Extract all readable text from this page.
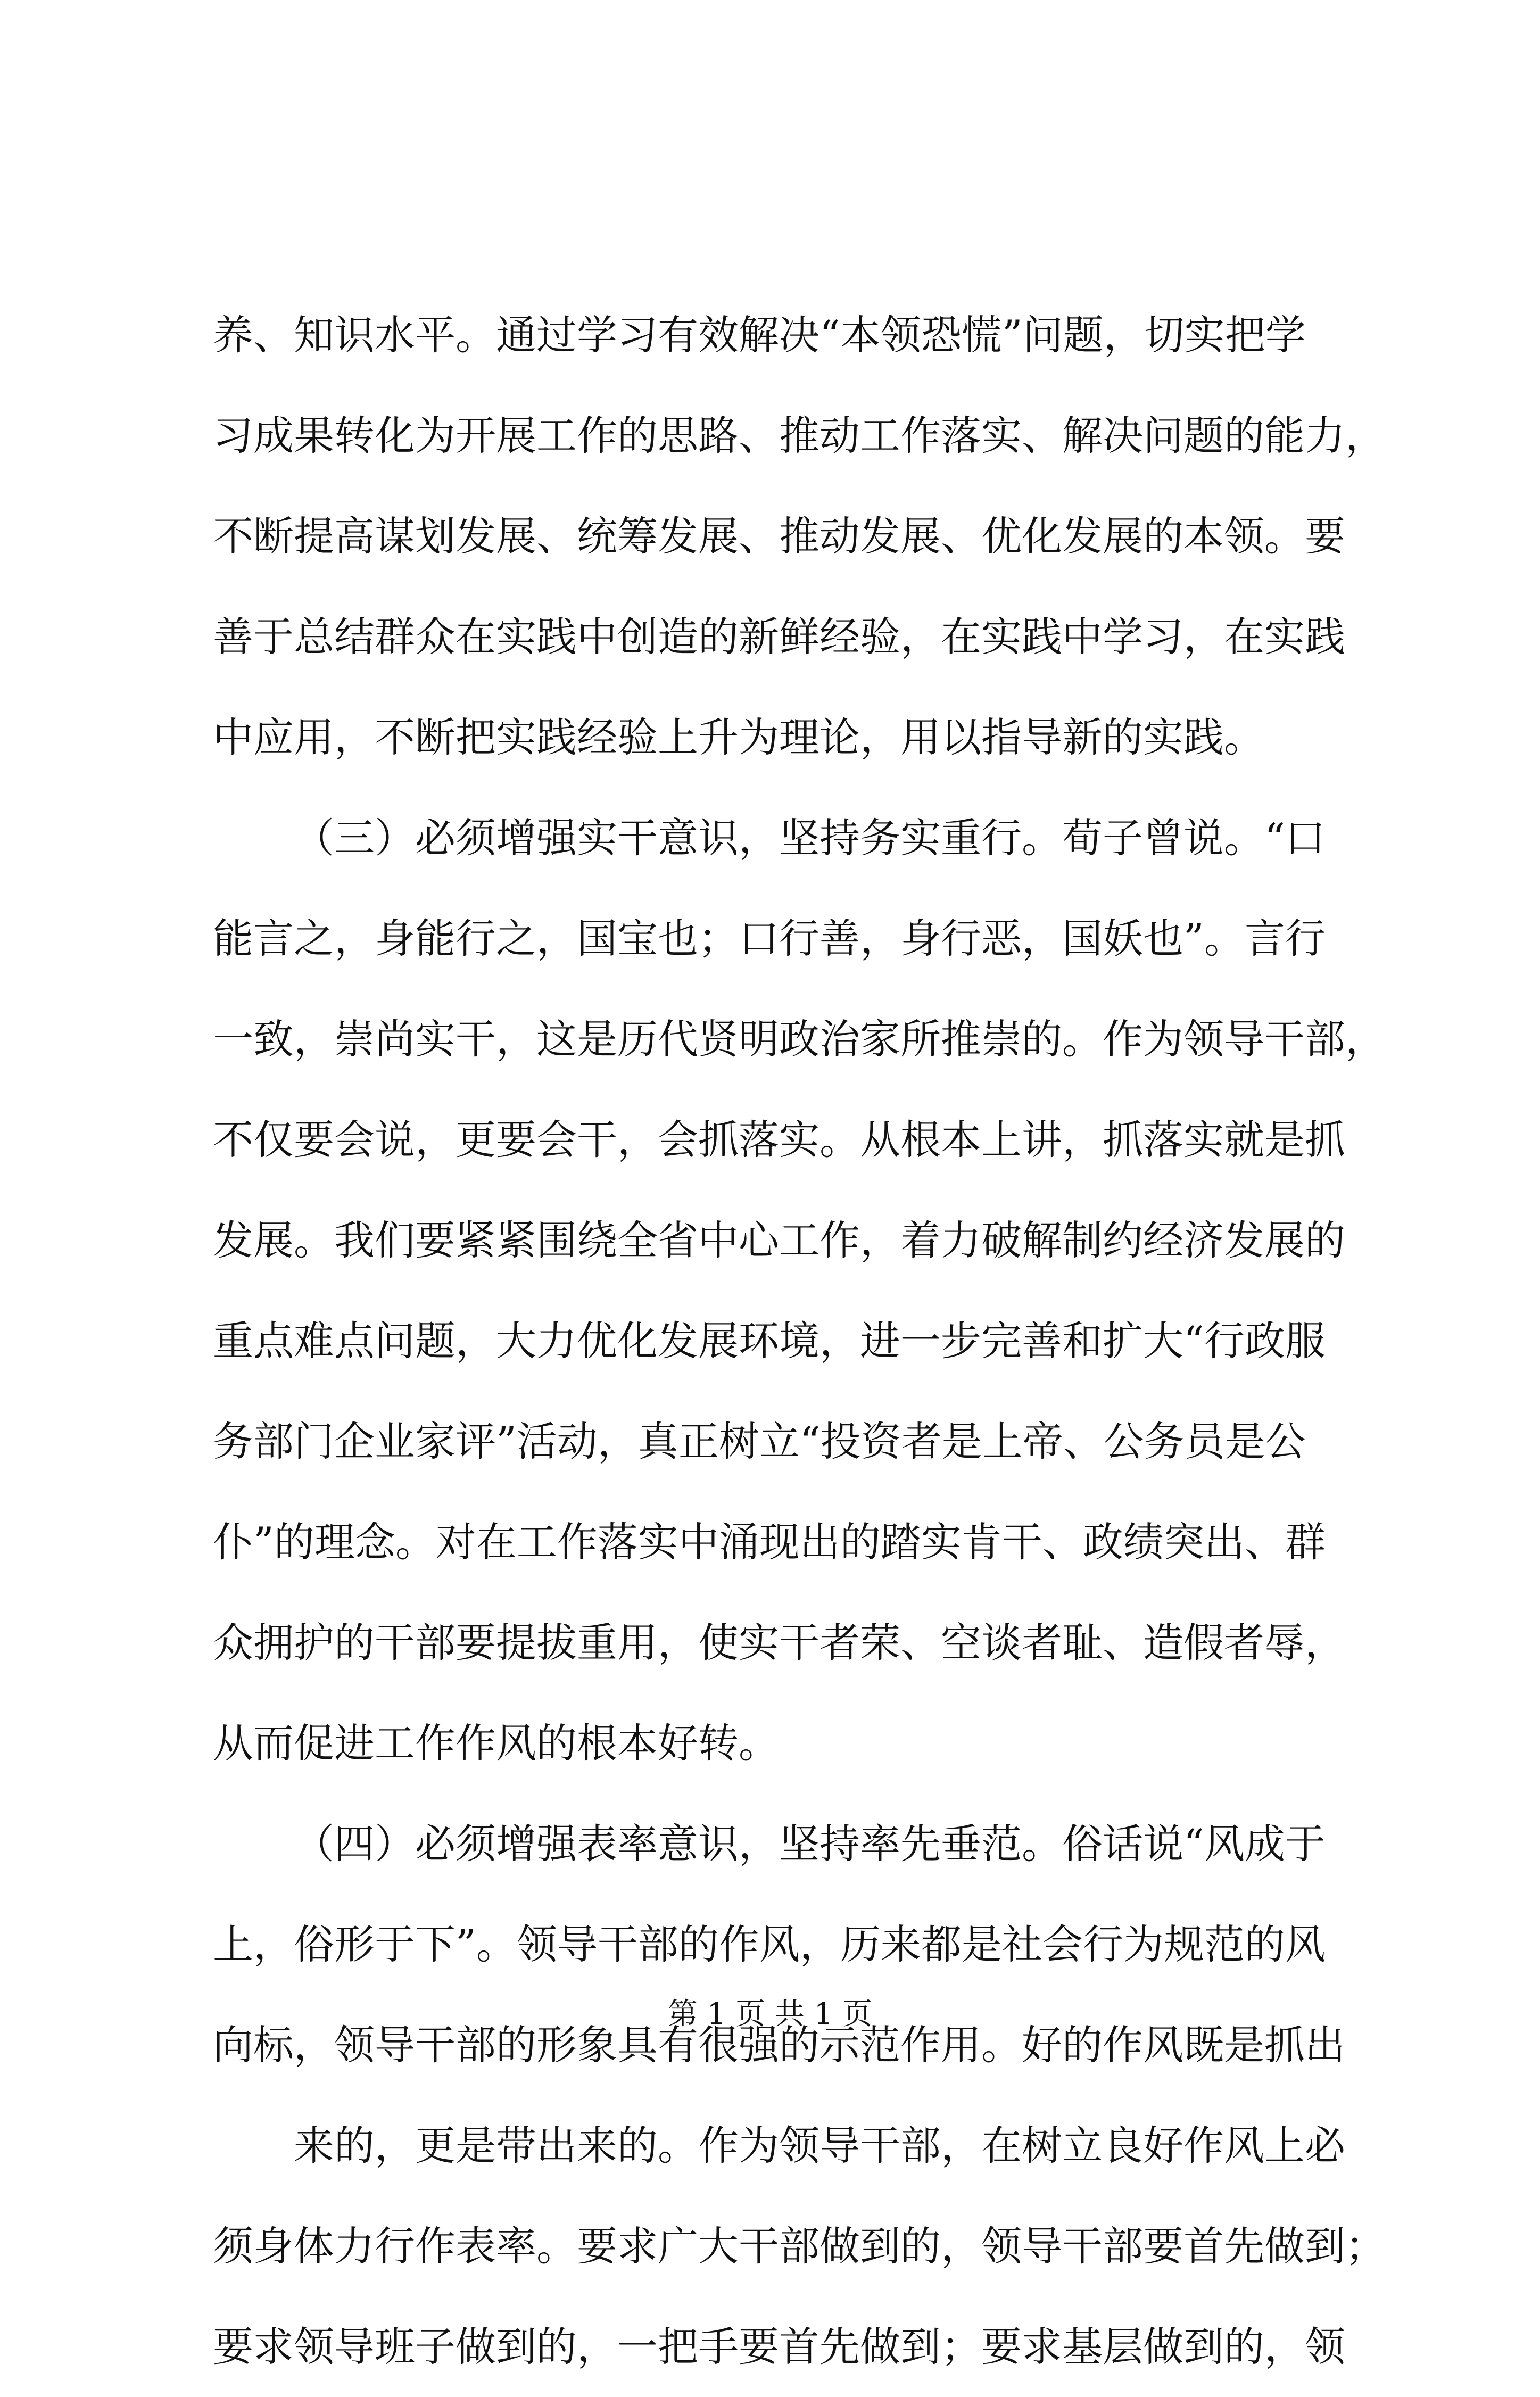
养、知识水平。通过学习有效解决“本领恐慌”问题，切实把学
习成果转化为开展工作的思路、推动工作落实、解决问题的能力，
不断提高谋划发展、统筹发展、推动发展、优化发展的本领。要
善于总结群众在实践中创造的新鲜经验，在实践中学习，在实践
中应用，不断把实践经验上升为理论，用以指导新的实践。
（三）必须增强实干意识，坚持务实重行。荀子曾说。“口
能言之，身能行之，国宝也；口行善，身行恶，国妖也”。言行
一致，崇尚实干，这是历代贤明政治家所推崇的。作为领导干部，
不仅要会说，更要会干，会抓落实。从根本上讲，抓落实就是抓
发展。我们要紧紧围绕全省中心工作，着力破解制约经济发展的
重点难点问题，大力优化发展环境，进一步完善和扩大“行政服
务部门企业家评”活动，真正树立“投资者是上帝、公务员是公
仆”的理念。对在工作落实中涌现出的踏实肯干、政绩突出、群
众拥护的干部要提拔重用，使实干者荣、空谈者耻、造假者辱，
从而促进工作作风的根本好转。
（四）必须增强表率意识，坚持率先垂范。俗话说“风成于
上，俗形于下”。领导干部的作风，历来都是社会行为规范的风
向标，领导干部的形象具有很强的示范作用。好的作风既是抓出
来的，更是带出来的。作为领导干部，在树立良好作风上必
须身体力行作表率。要求广大干部做到的，领导干部要首先做到；
要求领导班子做到的，一把手要首先做到；要求基层做到的，领
第 1 页 共 1 页
